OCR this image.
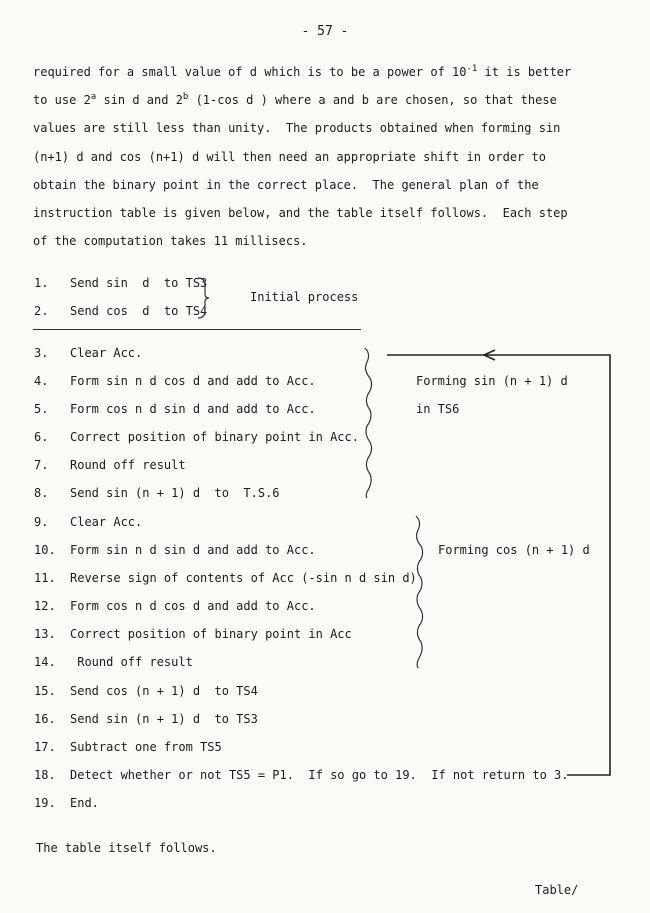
- 57 -
required for a small value of d which is to be a power of $10^{-1}$ it is better
to use 2$^a$ sin d and 2$^b$ (1-cos d ) where a and b are chosen, so that these
values are still less than unity.  The products obtained when forming sin
(n+1) d and cos (n+1) d will then need an appropriate shift in order to
obtain the binary point in the correct place.  The general plan of the
instruction table is given below, and the table itself follows.  Each step
of the computation takes 11 millisecs.
1. Send sin  d  to TS3
2. Send cos  d  to TS4
3. Clear Acc.
4. Form sin n d cos d and add to Acc.
5. Form cos n d sin d and add to Acc.
6. Correct position of binary point in Acc.
7. Round off result
8. Send sin (n + 1) d  to  T.S.6
9. Clear Acc.
10. Form sin n d sin d and add to Acc.
11. Reverse sign of contents of Acc (-sin n d sin d)
12. Form cos n d cos d and add to Acc.
13. Correct position of binary point in Acc
14. Round off result
15. Send cos (n + 1) d  to TS4
16. Send sin (n + 1) d  to TS3
17. Subtract one from TS5
18. Detect whether or not TS5 = P1.  If so go to 19.  If not return to 3.
19. End.
Initial process
Forming sin (n + 1) d
in TS6
Forming cos (n + 1) d
The table itself follows.
Table/
